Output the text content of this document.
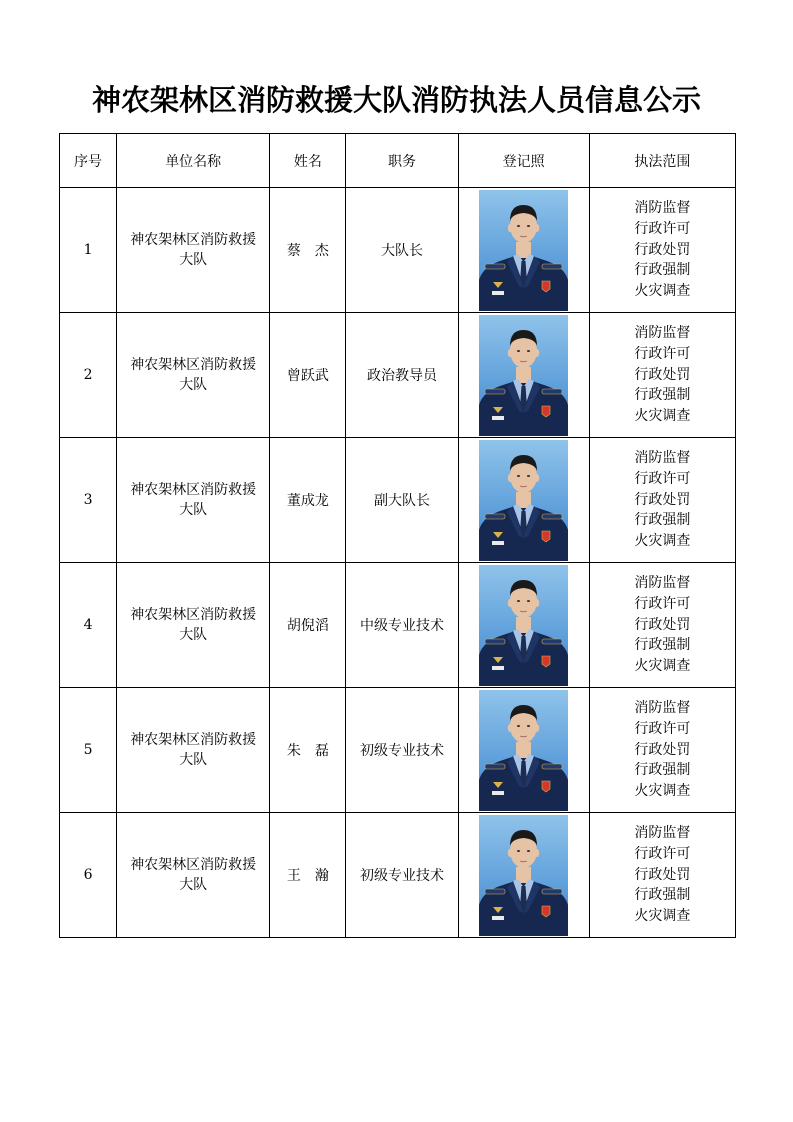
神农架林区消防救援大队消防执法人员信息公示
序号	单位名称	姓名	职务	登记照	执法范围
1	神农架林区消防救援大队	蔡　杰	大队长		消防监督
行政许可
行政处罚
行政强制
火灾调查

2	神农架林区消防救援大队	曾跃武	政治教导员		消防监督
行政许可
行政处罚
行政强制
火灾调查

3	神农架林区消防救援大队	董成龙	副大队长		消防监督
行政许可
行政处罚
行政强制
火灾调查

4	神农架林区消防救援大队	胡倪滔	中级专业技术		消防监督
行政许可
行政处罚
行政强制
火灾调查

5	神农架林区消防救援大队	朱　磊	初级专业技术		消防监督
行政许可
行政处罚
行政强制
火灾调查

6	神农架林区消防救援大队	王　瀚	初级专业技术		消防监督
行政许可
行政处罚
行政强制
火灾调查
